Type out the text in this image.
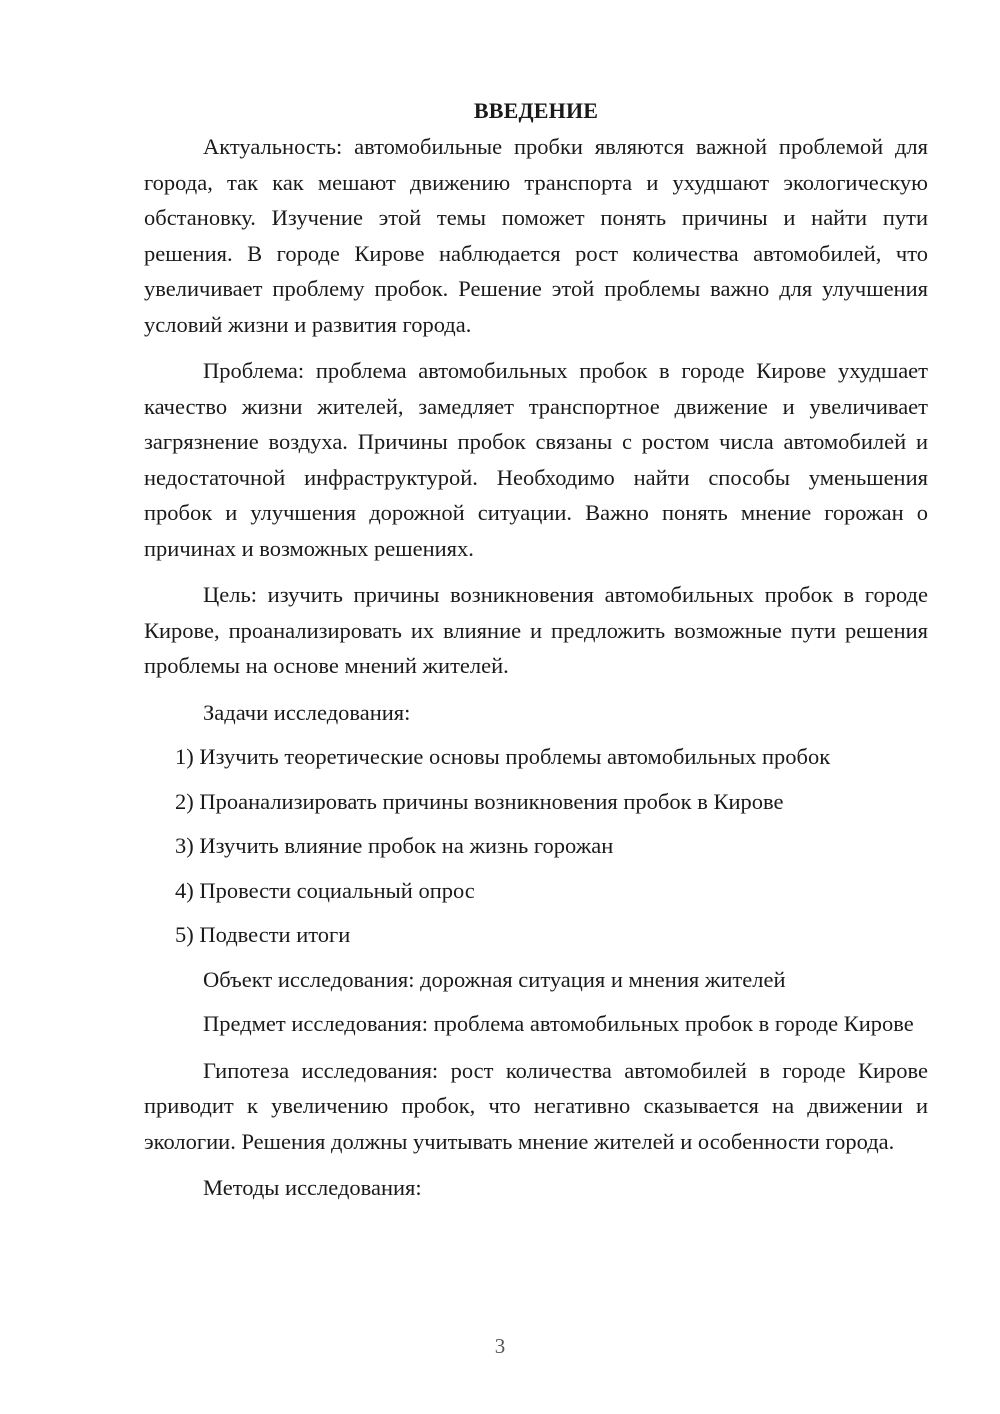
ВВЕДЕНИЕ

Актуальность: автомобильные пробки являются важной проблемой для города, так как мешают движению транспорта и ухудшают экологическую обстановку. Изучение этой темы поможет понять причины и найти пути решения. В городе Кирове наблюдается рост количества автомобилей, что увеличивает проблему пробок. Решение этой проблемы важно для улучшения условий жизни и развития города.

Проблема: проблема автомобильных пробок в городе Кирове ухудшает качество жизни жителей, замедляет транспортное движение и увеличивает загрязнение воздуха. Причины пробок связаны с ростом числа автомобилей и недостаточной инфраструктурой. Необходимо найти способы уменьшения пробок и улучшения дорожной ситуации. Важно понять мнение горожан о причинах и возможных решениях.

Цель: изучить причины возникновения автомобильных пробок в городе Кирове, проанализировать их влияние и предложить возможные пути решения проблемы на основе мнений жителей.

Задачи исследования:

1) Изучить теоретические основы проблемы автомобильных пробок

2) Проанализировать причины возникновения пробок в Кирове

3) Изучить влияние пробок на жизнь горожан

4) Провести социальный опрос

5) Подвести итоги

Объект исследования: дорожная ситуация и мнения жителей

Предмет исследования: проблема автомобильных пробок в городе Кирове

Гипотеза исследования: рост количества автомобилей в городе Кирове приводит к увеличению пробок, что негативно сказывается на движении и экологии. Решения должны учитывать мнение жителей и особенности города.

Методы исследования:

3
